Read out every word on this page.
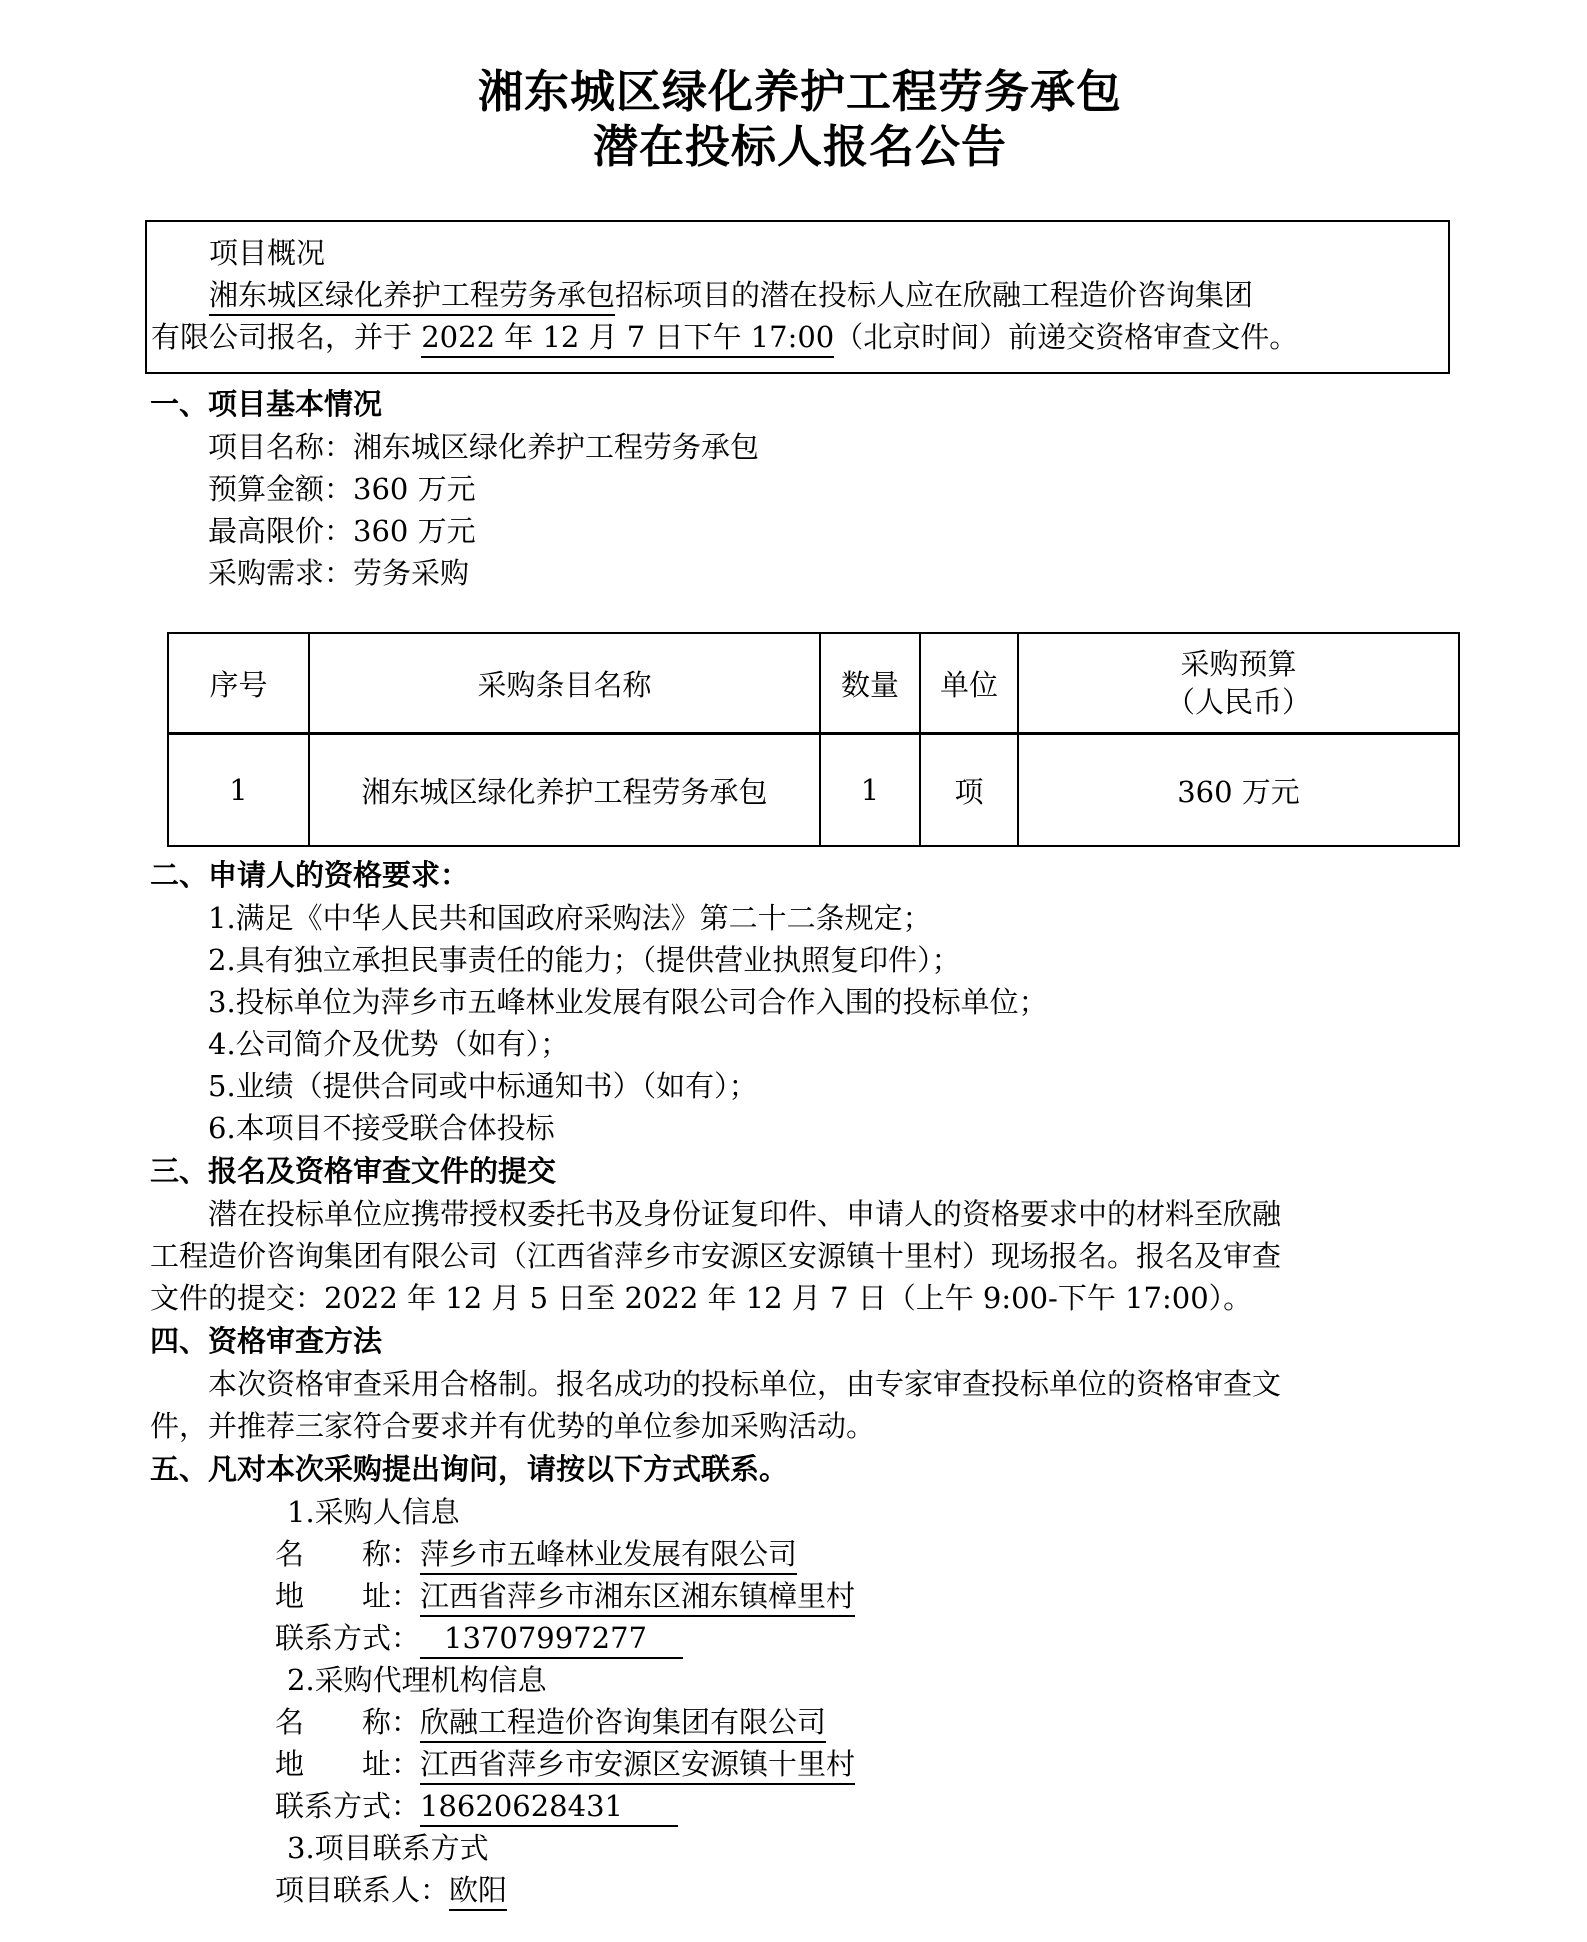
湘东城区绿化养护工程劳务承包
潜在投标人报名公告
项目概况
湘东城区绿化养护工程劳务承包招标项目的潜在投标人应在欣融工程造价咨询集团
有限公司报名，并于 2022 年 12 月 7 日下午 17:00（北京时间）前递交资格审查文件。
一、项目基本情况
项目名称：湘东城区绿化养护工程劳务承包
预算金额：360 万元
最高限价：360 万元
采购需求：劳务采购
序号	采购条目名称	数量	单位	采购预算
（人民币）

1	湘东城区绿化养护工程劳务承包	1	项	360 万元
二、申请人的资格要求：
1.满足《中华人民共和国政府采购法》第二十二条规定；
2.具有独立承担民事责任的能力；（提供营业执照复印件）；
3.投标单位为萍乡市五峰林业发展有限公司合作入围的投标单位；
4.公司简介及优势（如有）；
5.业绩（提供合同或中标通知书）（如有）；
6.本项目不接受联合体投标
三、报名及资格审查文件的提交
潜在投标单位应携带授权委托书及身份证复印件、申请人的资格要求中的材料至欣融
工程造价咨询集团有限公司（江西省萍乡市安源区安源镇十里村）现场报名。报名及审查
文件的提交：2022 年 12 月 5 日至 2022 年 12 月 7 日（上午 9:00-下午 17:00）。
四、资格审查方法
本次资格审查采用合格制。报名成功的投标单位，由专家审查投标单位的资格审查文
件，并推荐三家符合要求并有优势的单位参加采购活动。
五、凡对本次采购提出询问，请按以下方式联系。
1.采购人信息
名　　称：萍乡市五峰林业发展有限公司
地　　址：江西省萍乡市湘东区湘东镇樟里村
联系方式： 13707997277
2.采购代理机构信息
名　　称：欣融工程造价咨询集团有限公司
地　　址：江西省萍乡市安源区安源镇十里村
联系方式：18620628431
3.项目联系方式
项目联系人：欧阳
